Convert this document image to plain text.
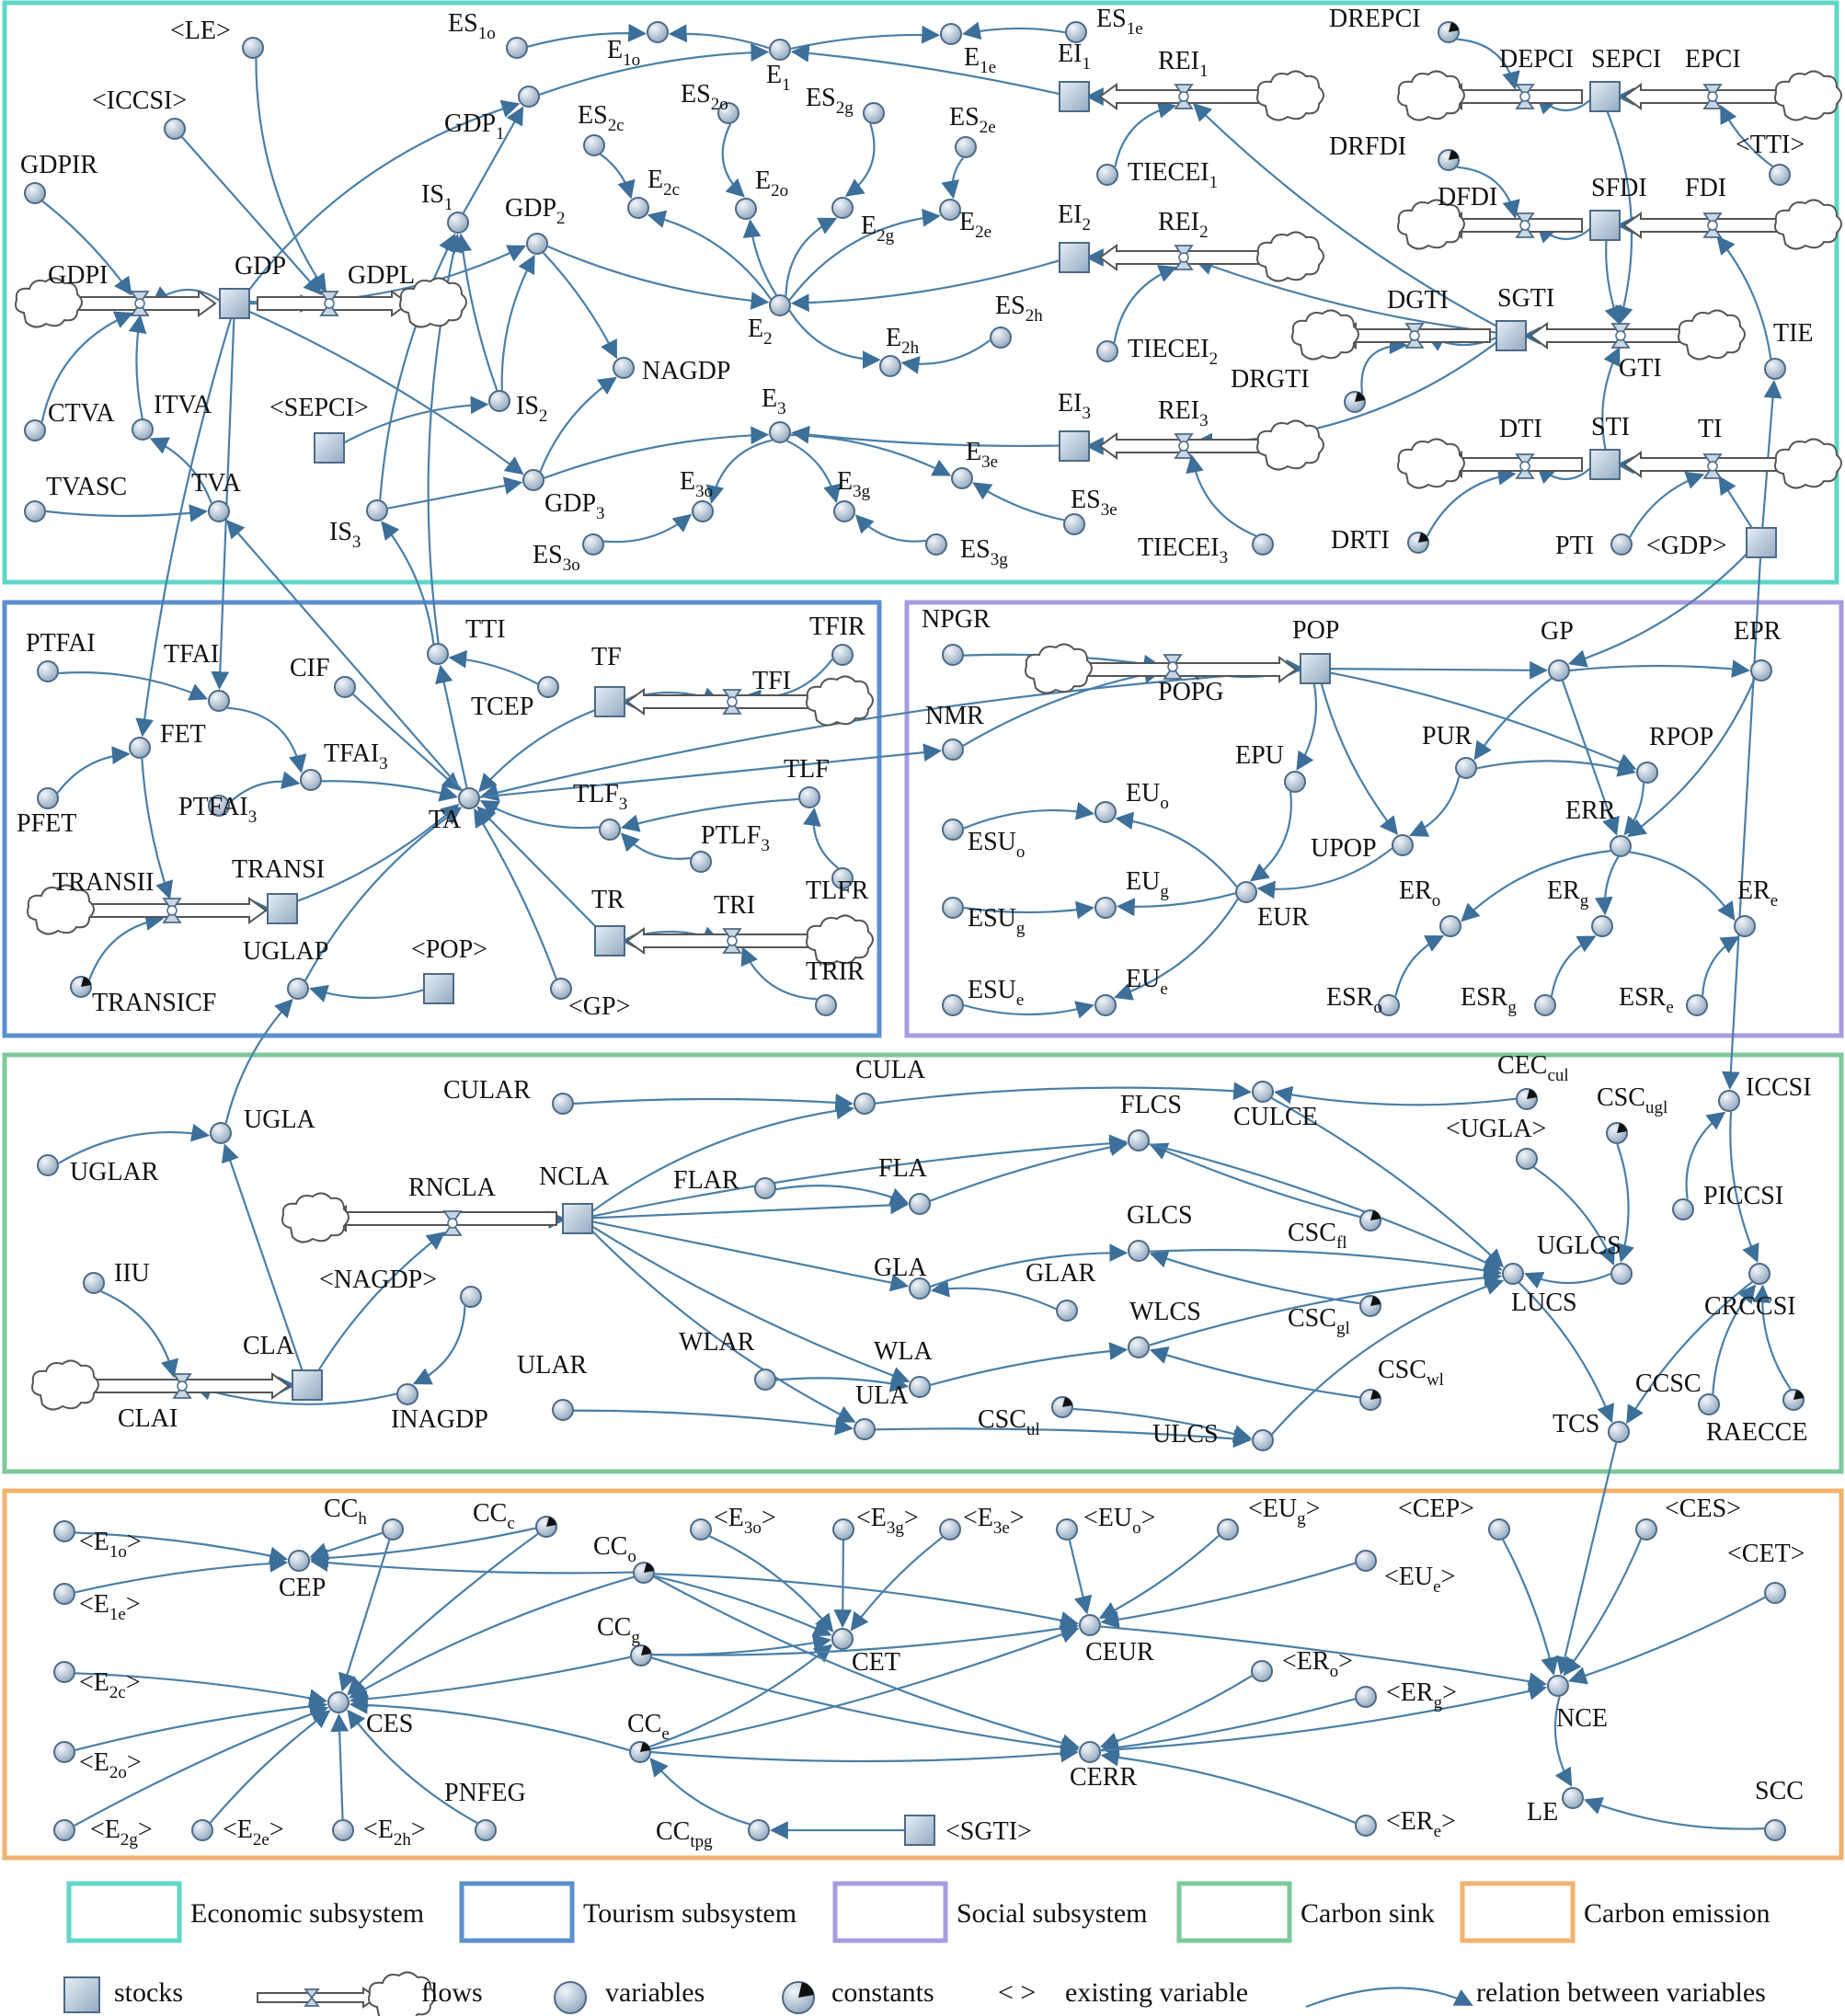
GDP
<SEPCI>
$EI_1$
$EI_2$
$EI_3$
SEPCI
SFDI
SGTI
STI
<GDP>
TF
TRANSI
TR
<POP>
POP
NCLA
CLA
<SGTI>
<LE>
<ICCSI>
GDPIR
CTVA ITVA
TVASC TVA
$IS_1$
$IS_2$
$IS_3$
$GDP_1$
$GDP_2$
$GDP_3$
NAGDP
$ES_{1o}$
$E_{1o}$
$E_1$
$E_{1e}$
$ES_{1e}$
$ES_{2c}$
$ES_{2o}$	$ES_{2g}$	$ES_{2e}$
$E_{2c}$	$E_{2o}$
$E_{2g}$	$E_{2e}$
$E_2$	$E_{2h}$
$ES_{2h}$
$E_3$
$E_{3o}$	$E_{3g}$
$E_{3e}$
$ES_{3o}$
$ES_{3g}$
$ES_{3e}$
$TIECEI_1$
$TIECEI_2$
$TIECEI_3$
<TTI>
TIE
PTI
PTFAI	TFAI	CIF
TTI
TCEP
TFIR
FET
PFET
$TFAI_3$
$PTFAI_3$	TA
$TLF_3$
$PTLF_3$
TLF
TLFR
TRIR
UGLAP
<GP>
NPGR
NMR
GP	EPR
EPU
PUR	RPOP
$EU_o$
$ESU_o$	UPOP
ERR
$EU_g$
$ESU_g$	EUR
$ER_o$	$ER_g$	$ER_e$
$EU_e$
$ESU_e$	$ESR_o$	$ESR_g$	$ESR_e$
CULAR
CULA
CULCE
ICCSI
UGLA
UGLAR
FLCS
<UGLA>
FLAR	FLA
PICCSI
UGLCS
GLCS
GLA
IIU	<NAGDP>	GLAR
LUCS	CRCCSI
WLAR	WLA
WLCS
INAGDP
ULAR
ULA
ULCS
CCSC
TCS
$<E_{1o}>$
$<E_{1e}>$
$<E_{2c}>$
$<E_{2o}>$
$<E_{2g}>$	$<E_{2e}>$	$<E_{2h}>$
$CC_h$
CEP
CES
$<E_{3o}>$	$<E_{3g}> <E_{3e}>$
CET
$<EU_o>$	$<EU_g>$
$<EU_e>$
CEUR
<CEP>	<CES>
<CET>
$<ER_o>$
$<ER_g>$
$<ER_e>$
CERR
NCE
LE
SCC
PNFEG
$CC_{tpg}$
DREPCI
DRFDI
DRGTI
DRTI
TRANSICF
$CEC_{cul}$
$CSC_{ugl}$
$CSC_{fl}$
$CSC_{gl}$
$CSC_{wl}$
$CSC_{ul}$	RAECCE
$CC_c$
$CC_o$
$CC_g$
$CC_e$
GDPI	GDPL
$REI_1$
$REI_2$
$REI_3$
DEPCI	EPCI
DFDI	FDI
DGTI
GTI
DTI	TI
TFI
TRANSII
TRI
POPG
RNCLA
CLAI
Economic subsystem	Tourism subsystem	Social subsystem	Carbon sink	Carbon emission
stocks	flows	variables	constants < > existing variable	relation between variables
